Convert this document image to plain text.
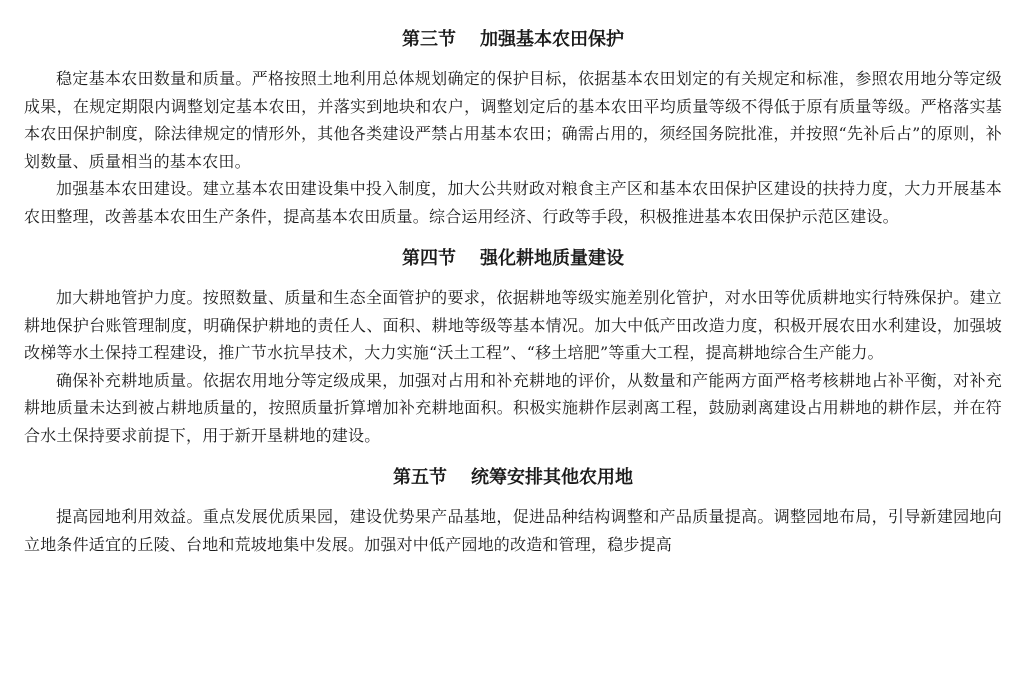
第三节 加强基本农田保护

稳定基本农田数量和质量。严格按照土地利用总体规划确定的保护目标，依据基本农田划定的有关规定和标准，参照农用地分等定级成果，在规定期限内调整划定基本农田，并落实到地块和农户，调整划定后的基本农田平均质量等级不得低于原有质量等级。严格落实基本农田保护制度，除法律规定的情形外，其他各类建设严禁占用基本农田；确需占用的，须经国务院批准，并按照“先补后占”的原则，补划数量、质量相当的基本农田。

加强基本农田建设。建立基本农田建设集中投入制度，加大公共财政对粮食主产区和基本农田保护区建设的扶持力度，大力开展基本农田整理，改善基本农田生产条件，提高基本农田质量。综合运用经济、行政等手段，积极推进基本农田保护示范区建设。

第四节 强化耕地质量建设

加大耕地管护力度。按照数量、质量和生态全面管护的要求，依据耕地等级实施差别化管护，对水田等优质耕地实行特殊保护。建立耕地保护台账管理制度，明确保护耕地的责任人、面积、耕地等级等基本情况。加大中低产田改造力度，积极开展农田水利建设，加强坡改梯等水土保持工程建设，推广节水抗旱技术，大力实施“沃土工程”、“移土培肥”等重大工程，提高耕地综合生产能力。

确保补充耕地质量。依据农用地分等定级成果，加强对占用和补充耕地的评价，从数量和产能两方面严格考核耕地占补平衡，对补充耕地质量未达到被占耕地质量的，按照质量折算增加补充耕地面积。积极实施耕作层剥离工程，鼓励剥离建设占用耕地的耕作层，并在符合水土保持要求前提下，用于新开垦耕地的建设。

第五节 统筹安排其他农用地

提高园地利用效益。重点发展优质果园，建设优势果产品基地，促进品种结构调整和产品质量提高。调整园地布局，引导新建园地向立地条件适宜的丘陵、台地和荒坡地集中发展。加强对中低产园地的改造和管理，稳步提高
